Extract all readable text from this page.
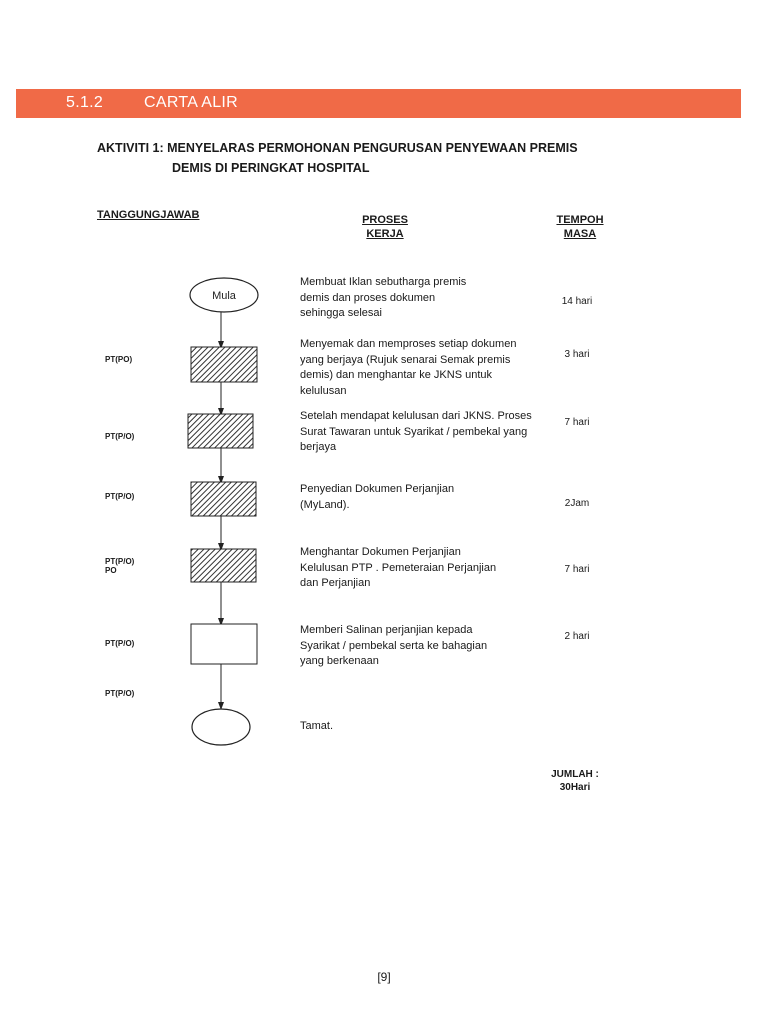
5.1.2	CARTA ALIR
AKTIVITI 1: MENYELARAS PERMOHONAN PENGURUSAN PENYEWAAN PREMIS
DEMIS DI PERINGKAT HOSPITAL
TANGGUNGJAWAB	PROSES
KERJA
TEMPOH
MASA
Mula
PT(PO)
PT(P/O)
PT(P/O)
PT(P/O)
PO
PT(P/O)
PT(P/O)
Membuat Iklan sebutharga premis demis dan proses dokumen sehingga selesai
Menyemak dan memproses setiap dokumen yang berjaya (Rujuk senarai Semak premis demis) dan menghantar ke JKNS untuk kelulusan
Setelah mendapat kelulusan dari JKNS. Proses Surat Tawaran untuk Syarikat / pembekal yang berjaya
Penyedian Dokumen Perjanjian (MyLand).
Menghantar Dokumen Perjanjian Kelulusan PTP . Pemeteraian Perjanjian dan Perjanjian
Memberi Salinan perjanjian kepada Syarikat / pembekal serta ke bahagian yang berkenaan
Tamat.
14 hari
3 hari
7 hari
2Jam
7 hari
2 hari
JUMLAH :
30Hari
[9]
